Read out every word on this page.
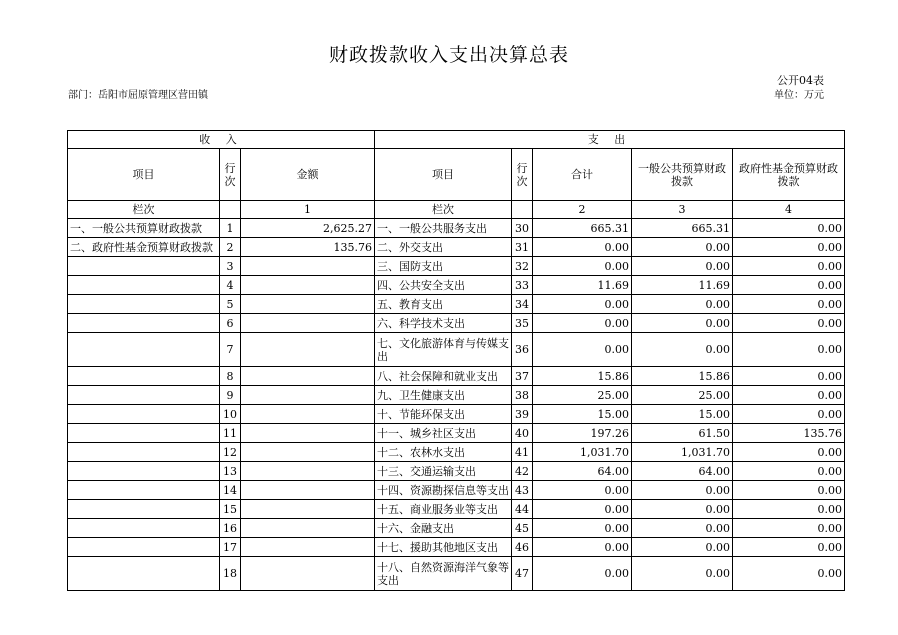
财政拨款收入支出决算总表
公开04表
部门：岳阳市屈原管理区营田镇	单位：万元
收 入			支 出				
项目	行次	金额	项目	行次	合计	一般公共预算财政拨款	政府性基金预算财政拨款
栏次		1	栏次		2	3	4
一、一般公共预算财政拨款	1	2,625.27	一、一般公共服务支出	30	665.31	665.31	0.00
二、政府性基金预算财政拨款	2	135.76	二、外交支出	31	0.00	0.00	0.00
	3		三、国防支出	32	0.00	0.00	0.00
	4		四、公共安全支出	33	11.69	11.69	0.00
	5		五、教育支出	34	0.00	0.00	0.00
	6		六、科学技术支出	35	0.00	0.00	0.00
	7		七、文化旅游体育与传媒支出	36	0.00	0.00	0.00
	8		八、社会保障和就业支出	37	15.86	15.86	0.00
	9		九、卫生健康支出	38	25.00	25.00	0.00
	10		十、节能环保支出	39	15.00	15.00	0.00
	11		十一、城乡社区支出	40	197.26	61.50	135.76
	12		十二、农林水支出	41	1,031.70	1,031.70	0.00
	13		十三、交通运输支出	42	64.00	64.00	0.00
	14		十四、资源勘探信息等支出	43	0.00	0.00	0.00
	15		十五、商业服务业等支出	44	0.00	0.00	0.00
	16		十六、金融支出	45	0.00	0.00	0.00
	17		十七、援助其他地区支出	46	0.00	0.00	0.00
	18		十八、自然资源海洋气象等支出	47	0.00	0.00	0.00
